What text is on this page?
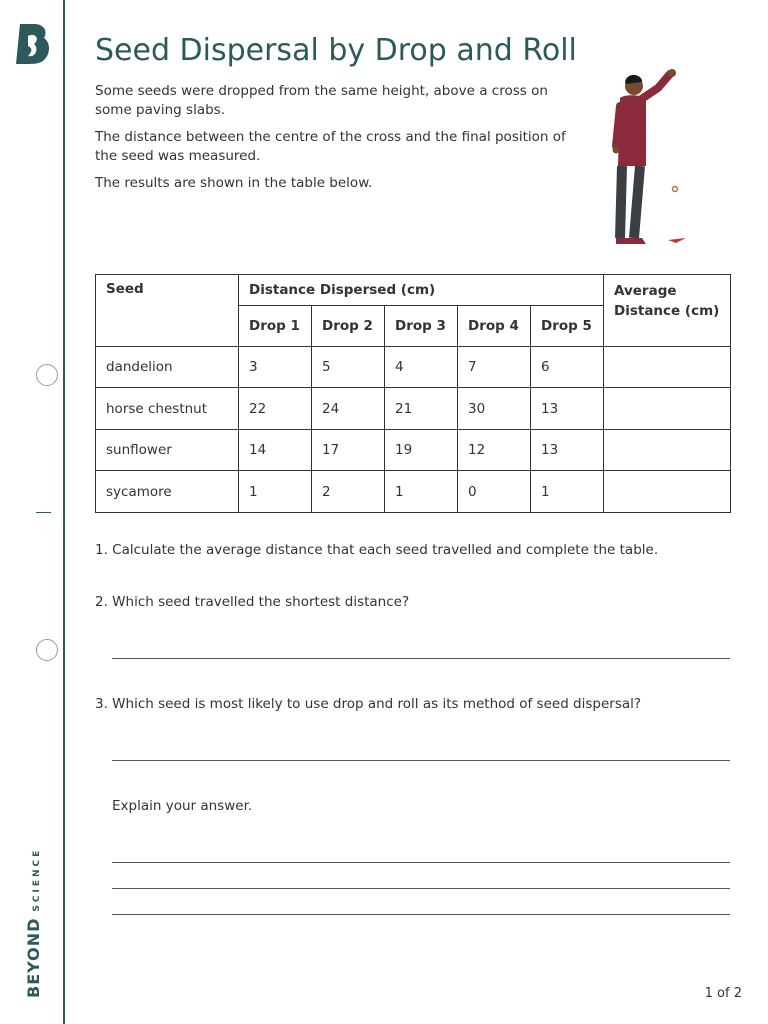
BEYONDSCIENCE
Seed Dispersal by Drop and Roll

Some seeds were dropped from the same height, above a cross on some paving slabs.

The distance between the centre of the cross and the final position of the seed was measured.

The results are shown in the table below.

Seed	Distance Dispersed (cm)					Average Distance (cm)
	Drop 1	Drop 2	Drop 3	Drop 4	Drop 5	
dandelion	3	5	4	7	6	
horse chestnut	22	24	21	30	13	
sunflower	14	17	19	12	13	
sycamore	1	2	1	0	1	

1. Calculate the average distance that each seed travelled and complete the table.

2. Which seed travelled the shortest distance?

3. Which seed is most likely to use drop and roll as its method of seed dispersal?

Explain your answer.

1 of 2
